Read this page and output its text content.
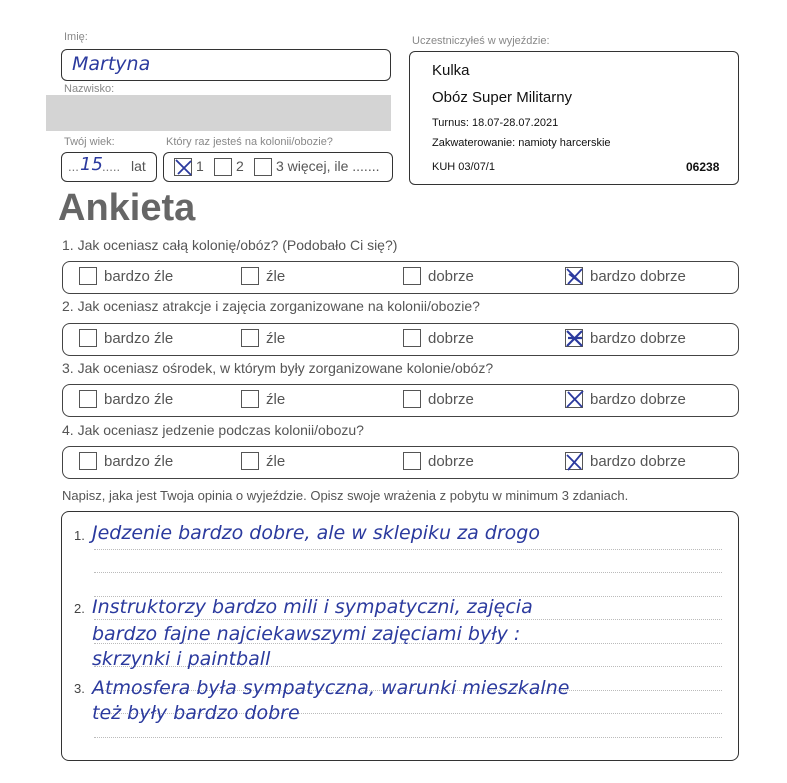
Imię:
Martyna
Nazwisko:
Twój wiek:
... 15 ..... lat
Który raz jesteś na kolonii/obozie?
1 2 3 więcej, ile .......
Uczestniczyłeś w wyjeździe:
Kulka
Obóz Super Militarny
Turnus: 18.07-28.07.2021
Zakwaterowanie: namioty harcerskie
KUH 03/07/1	06238
Ankieta
1. Jak oceniasz całą kolonię/obóz? (Podobało Ci się?)
bardzo źle	źle	dobrze	bardzo dobrze
2. Jak oceniasz atrakcje i zajęcia zorganizowane na kolonii/obozie?
bardzo źle	źle	dobrze	bardzo dobrze
3. Jak oceniasz ośrodek, w którym były zorganizowane kolonie/obóz?
bardzo źle	źle	dobrze	bardzo dobrze
4. Jak oceniasz jedzenie podczas kolonii/obozu?
bardzo źle	źle	dobrze	bardzo dobrze
Napisz, jaka jest Twoja opinia o wyjeździe. Opisz swoje wrażenia z pobytu w minimum 3 zdaniach.
1.
2.
3.
Jedzenie bardzo dobre, ale w sklepiku za drogo
Instruktorzy bardzo mili i sympatyczni, zajęcia
bardzo fajne najciekawszymi zajęciami były :
skrzynki i paintball
Atmosfera była sympatyczna, warunki mieszkalne
też były bardzo dobre
